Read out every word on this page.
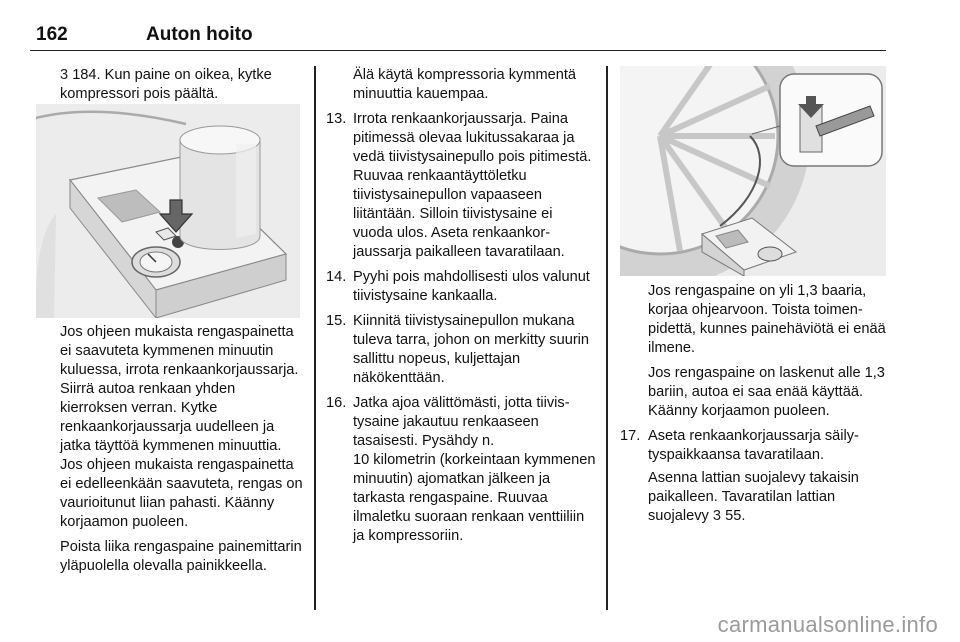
162	Auton hoito

3 184. Kun paine on oikea, kytke kompressori pois päältä.

Jos ohjeen mukaista rengaspainetta ei saavuteta kymmenen minuutin kuluessa, irrota renkaankorjaussarja. Siirrä autoa renkaan yhden kierroksen verran. Kytke renkaankorjaussarja uudelleen ja jatka täyttöä kymmenen minuuttia. Jos ohjeen mukaista rengaspainetta ei edelleenkään saavuteta, rengas on vaurioitunut liian pahasti. Käänny korjaamon puoleen.

Poista liika rengaspaine painemittarin yläpuolella olevalla painikkeella.

Älä käytä kompressoria kymmentä minuuttia kauempaa.

13. Irrota renkaankorjaussarja. Paina pitimessä olevaa lukitussakaraa ja vedä tiivistysainepullo pois pitimestä. Ruuvaa renkaantäyttöletku tiivistysainepullon vapaaseen liitäntään. Silloin tiivistysaine ei vuoda ulos. Aseta renkaankorjaussarja paikalleen tavaratilaan.

14. Pyyhi pois mahdollisesti ulos valunut tiivistysaine kankaalla.

15. Kiinnitä tiivistysainepullon mukana tuleva tarra, johon on merkitty suurin sallittu nopeus, kuljettajan näkökenttään.

16. Jatka ajoa välittömästi, jotta tiivistysaine jakautuu renkaaseen tasaisesti. Pysähdy n.

10 kilometrin (korkeintaan kymmenen minuutin) ajomatkan jälkeen ja tarkasta rengaspaine. Ruuvaa ilmaletku suoraan renkaan venttiiliin ja kompressoriin.

Jos rengaspaine on yli 1,3 baaria, korjaa ohjearvoon. Toista toimenpidettä, kunnes painehäviötä ei enää ilmene.

Jos rengaspaine on laskenut alle 1,3 bariin, autoa ei saa enää käyttää. Käänny korjaamon puoleen.

17. Aseta renkaankorjaussarja säilytyspaikkaansa tavaratilaan.

Asenna lattian suojalevy takaisin paikalleen. Tavaratilan lattian suojalevy 3 55.

carmanualsonline.info
